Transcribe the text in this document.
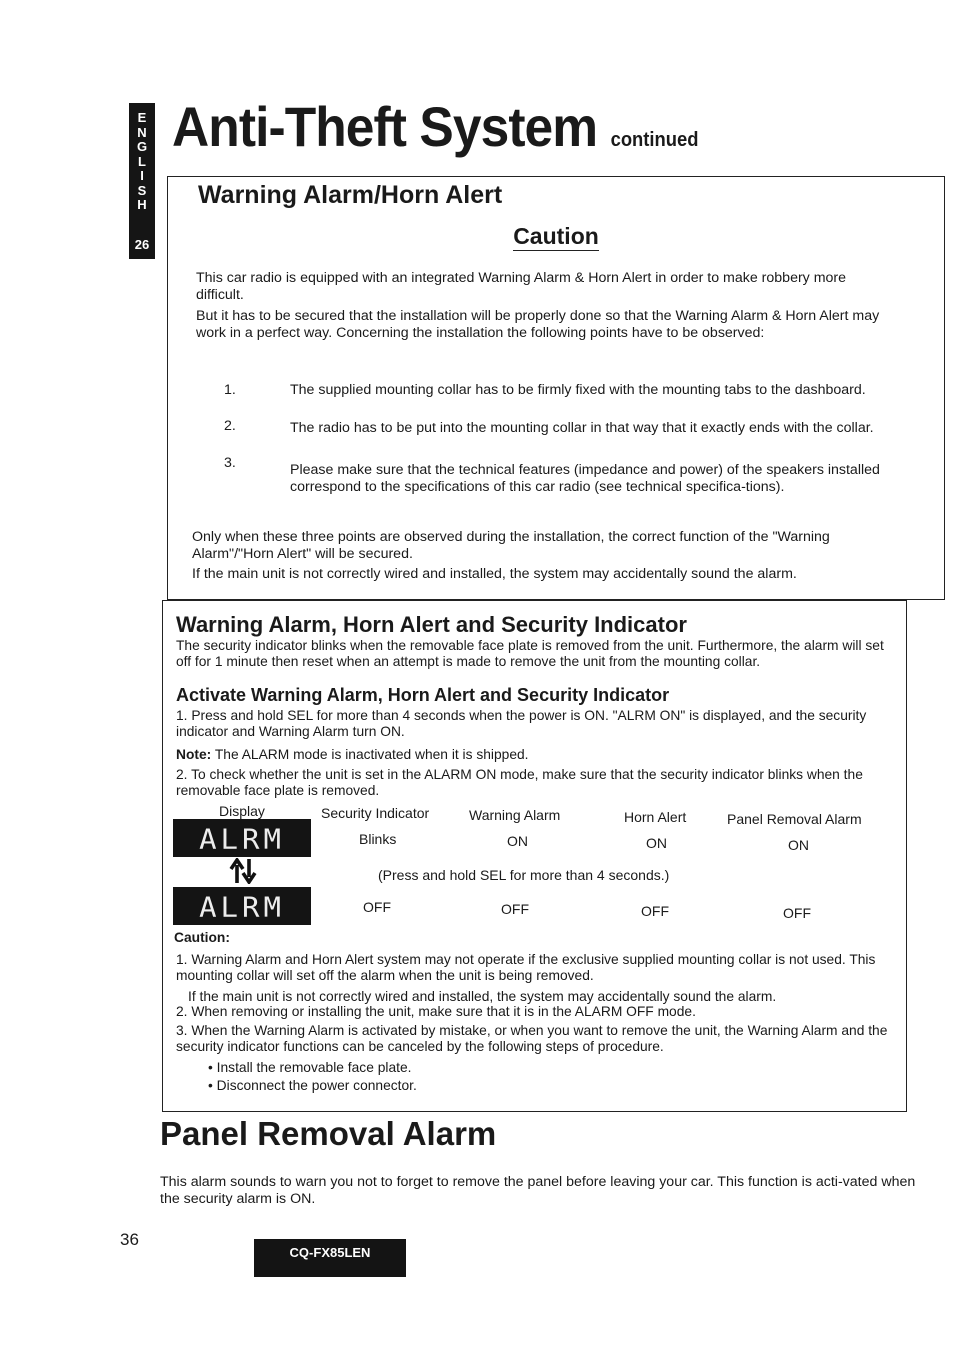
E
N
G
L
I
S
H
26
Anti-Theft System continued
Warning Alarm/Horn Alert
Caution

This car radio is equipped with an integrated Warning Alarm & Horn Alert in order to make robbery more difficult.

But it has to be secured that the installation will be properly done so that the Warning Alarm & Horn Alert may work in a perfect way. Concerning the installation the following points have to be observed:

1.	The supplied mounting collar has to be firmly fixed with the mounting tabs to the dashboard.

2.	The radio has to be put into the mounting collar in that way that it exactly ends with the collar.

3.	Please make sure that the technical features (impedance and power) of the speakers installed correspond to the specifications of this car radio (see technical specifica-tions).

Only when these three points are observed during the installation, the correct function of the "Warning Alarm"/"Horn Alert" will be secured.

If the main unit is not correctly wired and installed, the system may accidentally sound the alarm.

Warning Alarm, Horn Alert and Security Indicator

The security indicator blinks when the removable face plate is removed from the unit. Furthermore, the alarm will set off for 1 minute then reset when an attempt is made to remove the unit from the mounting collar.

Activate Warning Alarm, Horn Alert and Security Indicator

1. Press and hold SEL for more than 4 seconds when the power is ON. "ALRM ON" is displayed, and the security indicator and Warning Alarm turn ON.

Note: The ALARM mode is inactivated when it is shipped.

2. To check whether the unit is set in the ALARM ON mode, make sure that the security indicator blinks when the removable face plate is removed.

Display	Security Indicator	Warning Alarm	Horn Alert	Panel Removal Alarm
ALRM	Blinks	ON	ON	ON
(Press and hold SEL for more than 4 seconds.)
ALRM	OFF	OFF	OFF	OFF
Caution:

1. Warning Alarm and Horn Alert system may not operate if the exclusive supplied mounting collar is not used. This mounting collar will set off the alarm when the unit is being removed.

If the main unit is not correctly wired and installed, the system may accidentally sound the alarm.

2. When removing or installing the unit, make sure that it is in the ALARM OFF mode.

3. When the Warning Alarm is activated by mistake, or when you want to remove the unit, the Warning Alarm and the security indicator functions can be canceled by the following steps of procedure.

• Install the removable face plate.

• Disconnect the power connector.

Panel Removal Alarm

This alarm sounds to warn you not to forget to remove the panel before leaving your car. This function is acti-vated when the security alarm is ON.

36
CQ-FX85LEN
